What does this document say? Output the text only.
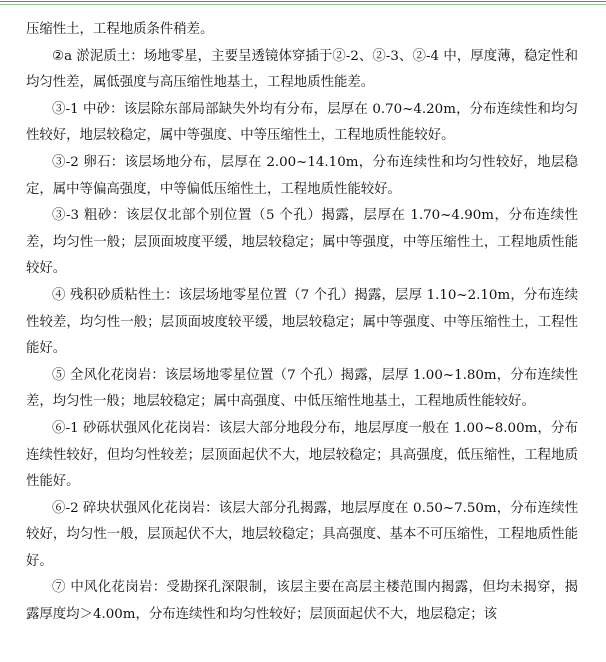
压缩性土，工程地质条件稍差。

②a 淤泥质土：场地零星，主要呈透镜体穿插于②-2、②-3、②-4 中，厚度薄，稳定性和均匀性差，属低强度与高压缩性地基土，工程地质性能差。

③-1 中砂：该层除东部局部缺失外均有分布，层厚在 0.70~4.20m，分布连续性和均匀性较好，地层较稳定，属中等强度、中等压缩性土，工程地质性能较好。

③-2 卵石：该层场地分布，层厚在 2.00~14.10m，分布连续性和均匀性较好，地层稳定，属中等偏高强度，中等偏低压缩性土，工程地质性能较好。

③-3 粗砂：该层仅北部个别位置（5 个孔）揭露，层厚在 1.70~4.90m，分布连续性差，均匀性一般；层顶面坡度平缓，地层较稳定；属中等强度，中等压缩性土，工程地质性能较好。

④ 残积砂质粘性土：该层场地零星位置（7 个孔）揭露，层厚 1.10~2.10m，分布连续性较差，均匀性一般；层顶面坡度较平缓，地层较稳定；属中等强度、中等压缩性土，工程性能好。

⑤ 全风化花岗岩：该层场地零星位置（7 个孔）揭露，层厚 1.00~1.80m，分布连续性差，均匀性一般；地层较稳定；属中高强度、中低压缩性地基土，工程地质性能较好。

⑥-1 砂砾状强风化花岗岩：该层大部分地段分布，地层厚度一般在 1.00~8.00m，分布连续性较好，但均匀性较差；层顶面起伏不大，地层较稳定；具高强度，低压缩性，工程地质性能好。

⑥-2 碎块状强风化花岗岩：该层大部分孔揭露，地层厚度在 0.50~7.50m，分布连续性较好，均匀性一般，层顶起伏不大，地层较稳定；具高强度、基本不可压缩性，工程地质性能好。

⑦ 中风化花岗岩：受勘探孔深限制，该层主要在高层主楼范围内揭露，但均未揭穿，揭露厚度均＞4.00m，分布连续性和均匀性较好；层顶面起伏不大，地层稳定；该
